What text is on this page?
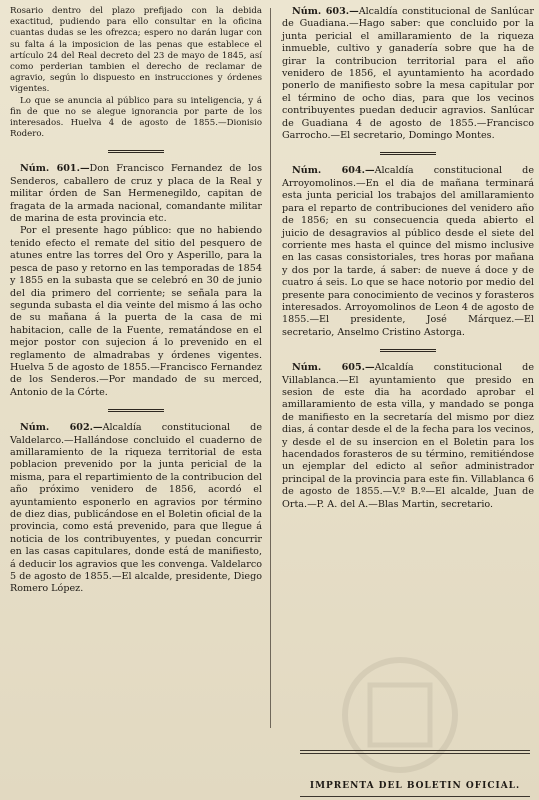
Rosario dentro del plazo prefijado con la debida exactitud, pudiendo para ello consultar en la oficina cuantas dudas se les ofrezca; espero no darán lugar con su falta á la imposicion de las penas que establece el artículo 24 del Real decreto del 23 de mayo de 1845, así como perderian tambien el derecho de reclamar de agravio, según lo dispuesto en instrucciones y órdenes vigentes.

Lo que se anuncia al público para su inteligencia, y á fin de que no se alegue ignorancia por parte de los interesados. Huelva 4 de agosto de 1855.—Dionisio Rodero.

Núm. 601.—Don Francisco Fernandez de los Senderos, caballero de cruz y placa de la Real y militar órden de San Hermenegildo, capitan de fragata de la armada nacional, comandante militar de marina de esta provincia etc.

Por el presente hago público: que no habiendo tenido efecto el remate del sitio del pesquero de atunes entre las torres del Oro y Asperillo, para la pesca de paso y retorno en las temporadas de 1854 y 1855 en la subasta que se celebró en 30 de junio del dia primero del corriente; se señala para la segunda subasta el dia veinte del mismo á las ocho de su mañana á la puerta de la casa de mi habitacion, calle de la Fuente, rematándose en el mejor postor con sujecion á lo prevenido en el reglamento de almadrabas y órdenes vigentes. Huelva 5 de agosto de 1855.—Francisco Fernandez de los Senderos.—Por mandado de su merced, Antonio de la Córte.

Núm. 602.—Alcaldía constitucional de Valdelarco.—Hallándose concluido el cuaderno de amillaramiento de la riqueza territorial de esta poblacion prevenido por la junta pericial de la misma, para el repartimiento de la contribucion del año próximo venidero de 1856, acordó el ayuntamiento esponerlo en agravios por término de diez dias, publicándose en el Boletin oficial de la provincia, como está prevenido, para que llegue á noticia de los contribuyentes, y puedan concurrir en las casas capitulares, donde está de manifiesto, á deducir los agravios que les convenga. Valdelarco 5 de agosto de 1855.—El alcalde, presidente, Diego Romero López.

Núm. 603.—Alcaldía constitucional de Sanlúcar de Guadiana.—Hago saber: que concluido por la junta pericial el amillaramiento de la riqueza inmueble, cultivo y ganadería sobre que ha de girar la contribucion territorial para el año venidero de 1856, el ayuntamiento ha acordado ponerlo de manifiesto sobre la mesa capitular por el término de ocho dias, para que los vecinos contribuyentes puedan deducir agravios. Sanlúcar de Guadiana 4 de agosto de 1855.—Francisco Garrocho.—El secretario, Domingo Montes.

Núm. 604.—Alcaldía constitucional de Arroyomolinos.—En el dia de mañana terminará esta junta pericial los trabajos del amillaramiento para el reparto de contribuciones del venidero año de 1856; en su consecuencia queda abierto el juicio de desagravios al público desde el siete del corriente mes hasta el quince del mismo inclusive en las casas consistoriales, tres horas por mañana y dos por la tarde, á saber: de nueve á doce y de cuatro á seis. Lo que se hace notorio por medio del presente para conocimiento de vecinos y forasteros interesados. Arroyomolinos de Leon 4 de agosto de 1855.—El presidente, José Márquez.—El secretario, Anselmo Cristino Astorga.

Núm. 605.—Alcaldía constitucional de Villablanca.—El ayuntamiento que presido en sesion de este dia ha acordado aprobar el amillaramiento de esta villa, y mandado se ponga de manifiesto en la secretaría del mismo por diez dias, á contar desde el de la fecha para los vecinos, y desde el de su insercion en el Boletin para los hacendados forasteros de su término, remitiéndose un ejemplar del edicto al señor administrador principal de la provincia para este fin. Villablanca 6 de agosto de 1855.—V.º B.º—El alcalde, Juan de Orta.—P. A. del A.—Blas Martin, secretario.

IMPRENTA DEL BOLETIN OFICIAL.
